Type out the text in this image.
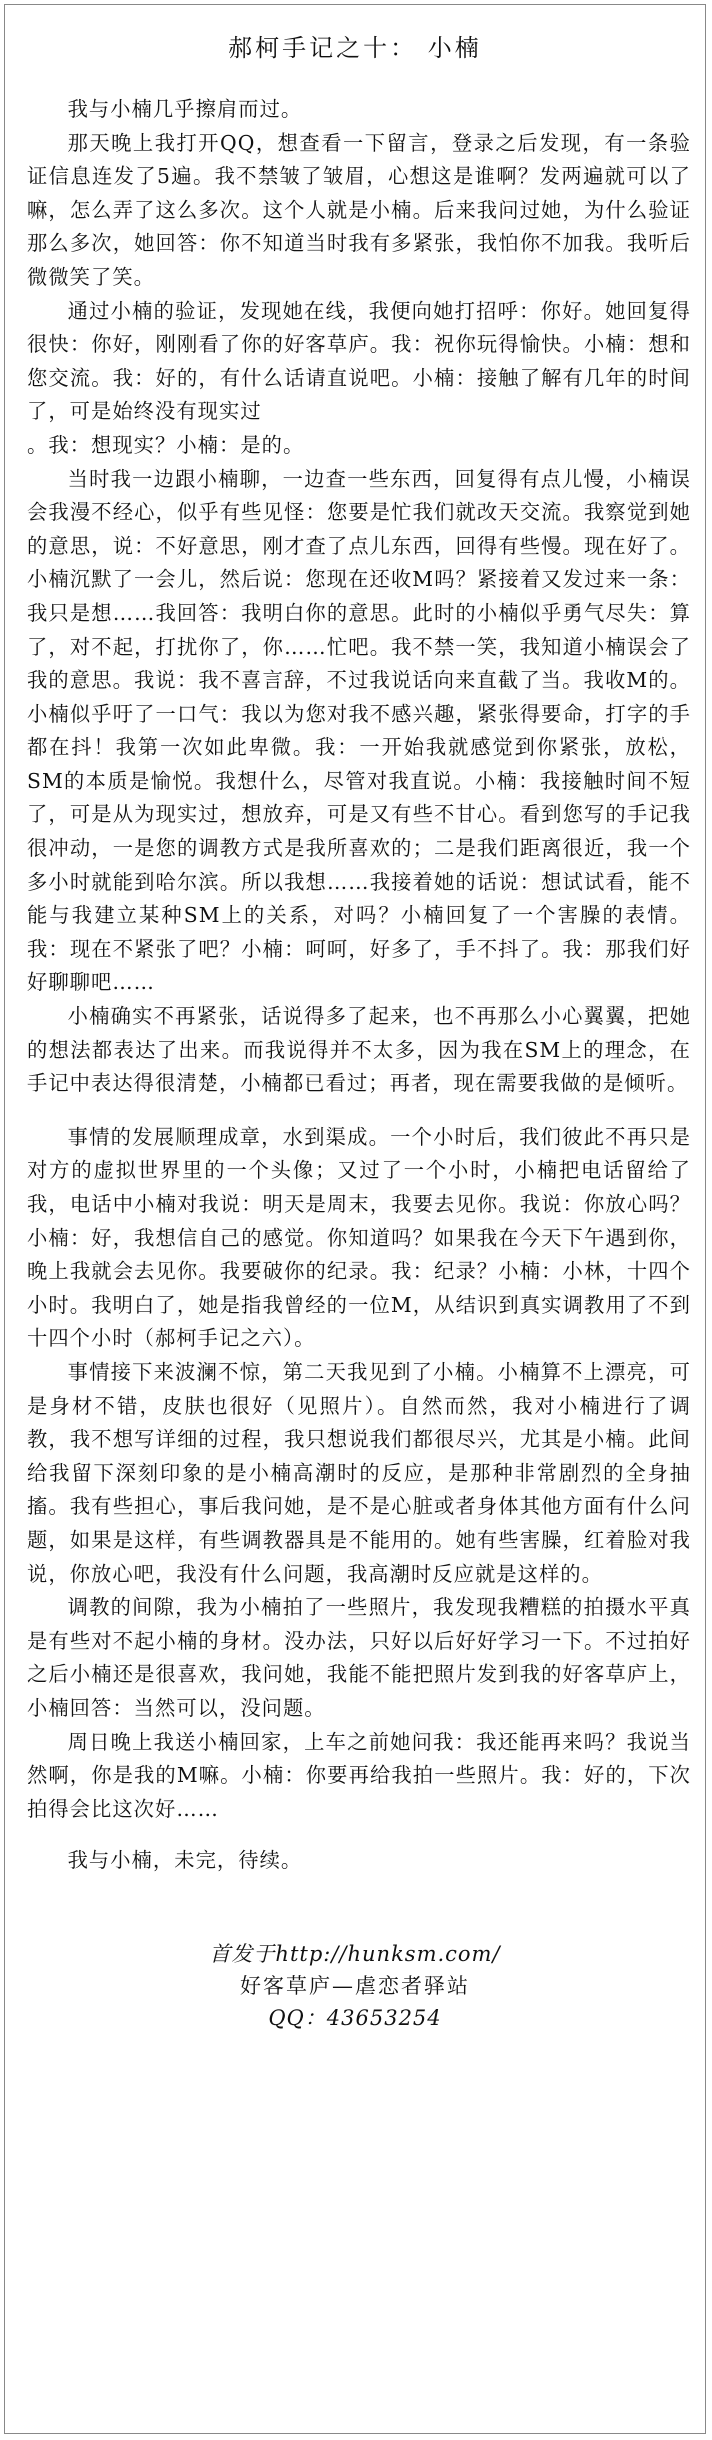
郝柯手记之十： 小楠

我与小楠几乎擦肩而过。

那天晚上我打开QQ，想查看一下留言，登录之后发现，有一条验证信息连发了5遍。我不禁皱了皱眉，心想这是谁啊？发两遍就可以了嘛，怎么弄了这么多次。这个人就是小楠。后来我问过她，为什么验证那么多次，她回答：你不知道当时我有多紧张，我怕你不加我。我听后微微笑了笑。

通过小楠的验证，发现她在线，我便向她打招呼：你好。她回复得很快：你好，刚刚看了你的好客草庐。我：祝你玩得愉快。小楠：想和您交流。我：好的，有什么话请直说吧。小楠：接触了解有几年的时间了，可是始终没有现实过

。我：想现实？小楠：是的。

当时我一边跟小楠聊，一边查一些东西，回复得有点儿慢，小楠误会我漫不经心，似乎有些见怪：您要是忙我们就改天交流。我察觉到她的意思，说：不好意思，刚才查了点儿东西，回得有些慢。现在好了。小楠沉默了一会儿，然后说：您现在还收M吗？紧接着又发过来一条：我只是想……我回答：我明白你的意思。此时的小楠似乎勇气尽失：算了，对不起，打扰你了，你……忙吧。我不禁一笑，我知道小楠误会了我的意思。我说：我不喜言辞，不过我说话向来直截了当。我收M的。小楠似乎吁了一口气：我以为您对我不感兴趣，紧张得要命，打字的手都在抖！我第一次如此卑微。我：一开始我就感觉到你紧张，放松，SM的本质是愉悦。我想什么，尽管对我直说。小楠：我接触时间不短了，可是从为现实过，想放弃，可是又有些不甘心。看到您写的手记我很冲动，一是您的调教方式是我所喜欢的；二是我们距离很近，我一个多小时就能到哈尔滨。所以我想……我接着她的话说：想试试看，能不能与我建立某种SM上的关系，对吗？小楠回复了一个害臊的表情。我：现在不紧张了吧？小楠：呵呵，好多了，手不抖了。我：那我们好好聊聊吧……

小楠确实不再紧张，话说得多了起来，也不再那么小心翼翼，把她的想法都表达了出来。而我说得并不太多，因为我在SM上的理念，在手记中表达得很清楚，小楠都已看过；再者，现在需要我做的是倾听。

事情的发展顺理成章，水到渠成。一个小时后，我们彼此不再只是对方的虚拟世界里的一个头像；又过了一个小时，小楠把电话留给了我，电话中小楠对我说：明天是周末，我要去见你。我说：你放心吗？小楠：好，我想信自己的感觉。你知道吗？如果我在今天下午遇到你，晚上我就会去见你。我要破你的纪录。我：纪录？小楠：小林，十四个小时。我明白了，她是指我曾经的一位M，从结识到真实调教用了不到十四个小时（郝柯手记之六）。

事情接下来波澜不惊，第二天我见到了小楠。小楠算不上漂亮，可是身材不错，皮肤也很好（见照片）。自然而然，我对小楠进行了调教，我不想写详细的过程，我只想说我们都很尽兴，尤其是小楠。此间给我留下深刻印象的是小楠高潮时的反应，是那种非常剧烈的全身抽搐。我有些担心，事后我问她，是不是心脏或者身体其他方面有什么问题，如果是这样，有些调教器具是不能用的。她有些害臊，红着脸对我说，你放心吧，我没有什么问题，我高潮时反应就是这样的。

调教的间隙，我为小楠拍了一些照片，我发现我糟糕的拍摄水平真是有些对不起小楠的身材。没办法，只好以后好好学习一下。不过拍好之后小楠还是很喜欢，我问她，我能不能把照片发到我的好客草庐上，小楠回答：当然可以，没问题。

周日晚上我送小楠回家，上车之前她问我：我还能再来吗？我说当然啊，你是我的M嘛。小楠：你要再给我拍一些照片。我：好的，下次拍得会比这次好……

我与小楠，未完，待续。

首发于http://hunksm.com/
好客草庐—虐恋者驿站
QQ：43653254
